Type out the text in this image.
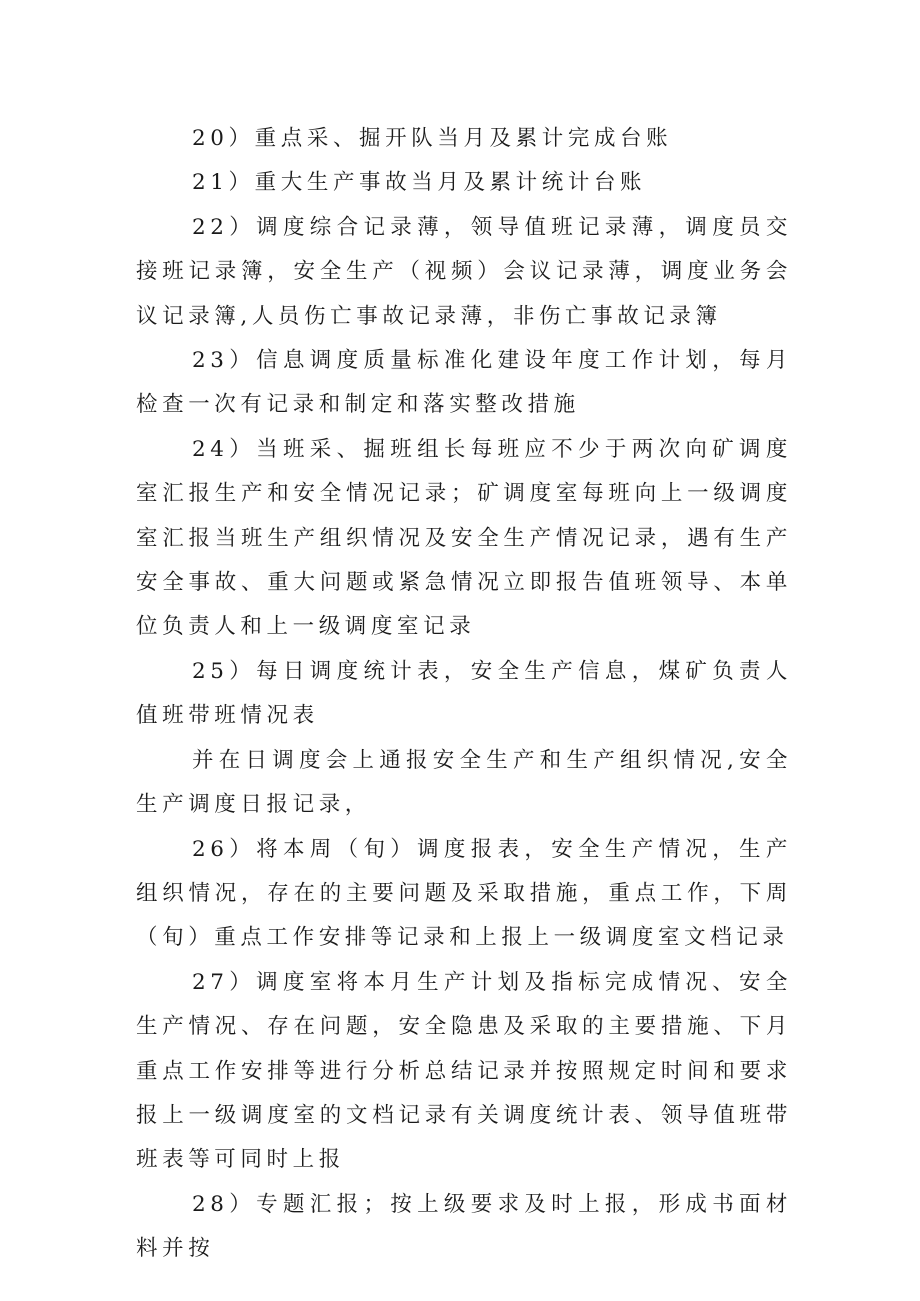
20）重点采、掘开队当月及累计完成台账

21）重大生产事故当月及累计统计台账

22）调度综合记录薄，领导值班记录薄，调度员交接班记录簿，安全生产（视频）会议记录薄，调度业务会议记录簿,人员伤亡事故记录薄，非伤亡事故记录簿

23）信息调度质量标准化建设年度工作计划，每月检查一次有记录和制定和落实整改措施

24）当班采、掘班组长每班应不少于两次向矿调度室汇报生产和安全情况记录；矿调度室每班向上一级调度室汇报当班生产组织情况及安全生产情况记录，遇有生产安全事故、重大问题或紧急情况立即报告值班领导、本单位负责人和上一级调度室记录

25）每日调度统计表，安全生产信息，煤矿负责人值班带班情况表

并在日调度会上通报安全生产和生产组织情况,安全生产调度日报记录，

26）将本周（旬）调度报表，安全生产情况，生产组织情况，存在的主要问题及采取措施，重点工作，下周（旬）重点工作安排等记录和上报上一级调度室文档记录

27）调度室将本月生产计划及指标完成情况、安全生产情况、存在问题，安全隐患及采取的主要措施、下月重点工作安排等进行分析总结记录并按照规定时间和要求报上一级调度室的文档记录有关调度统计表、领导值班带班表等可同时上报

28）专题汇报；按上级要求及时上报，形成书面材料并按
